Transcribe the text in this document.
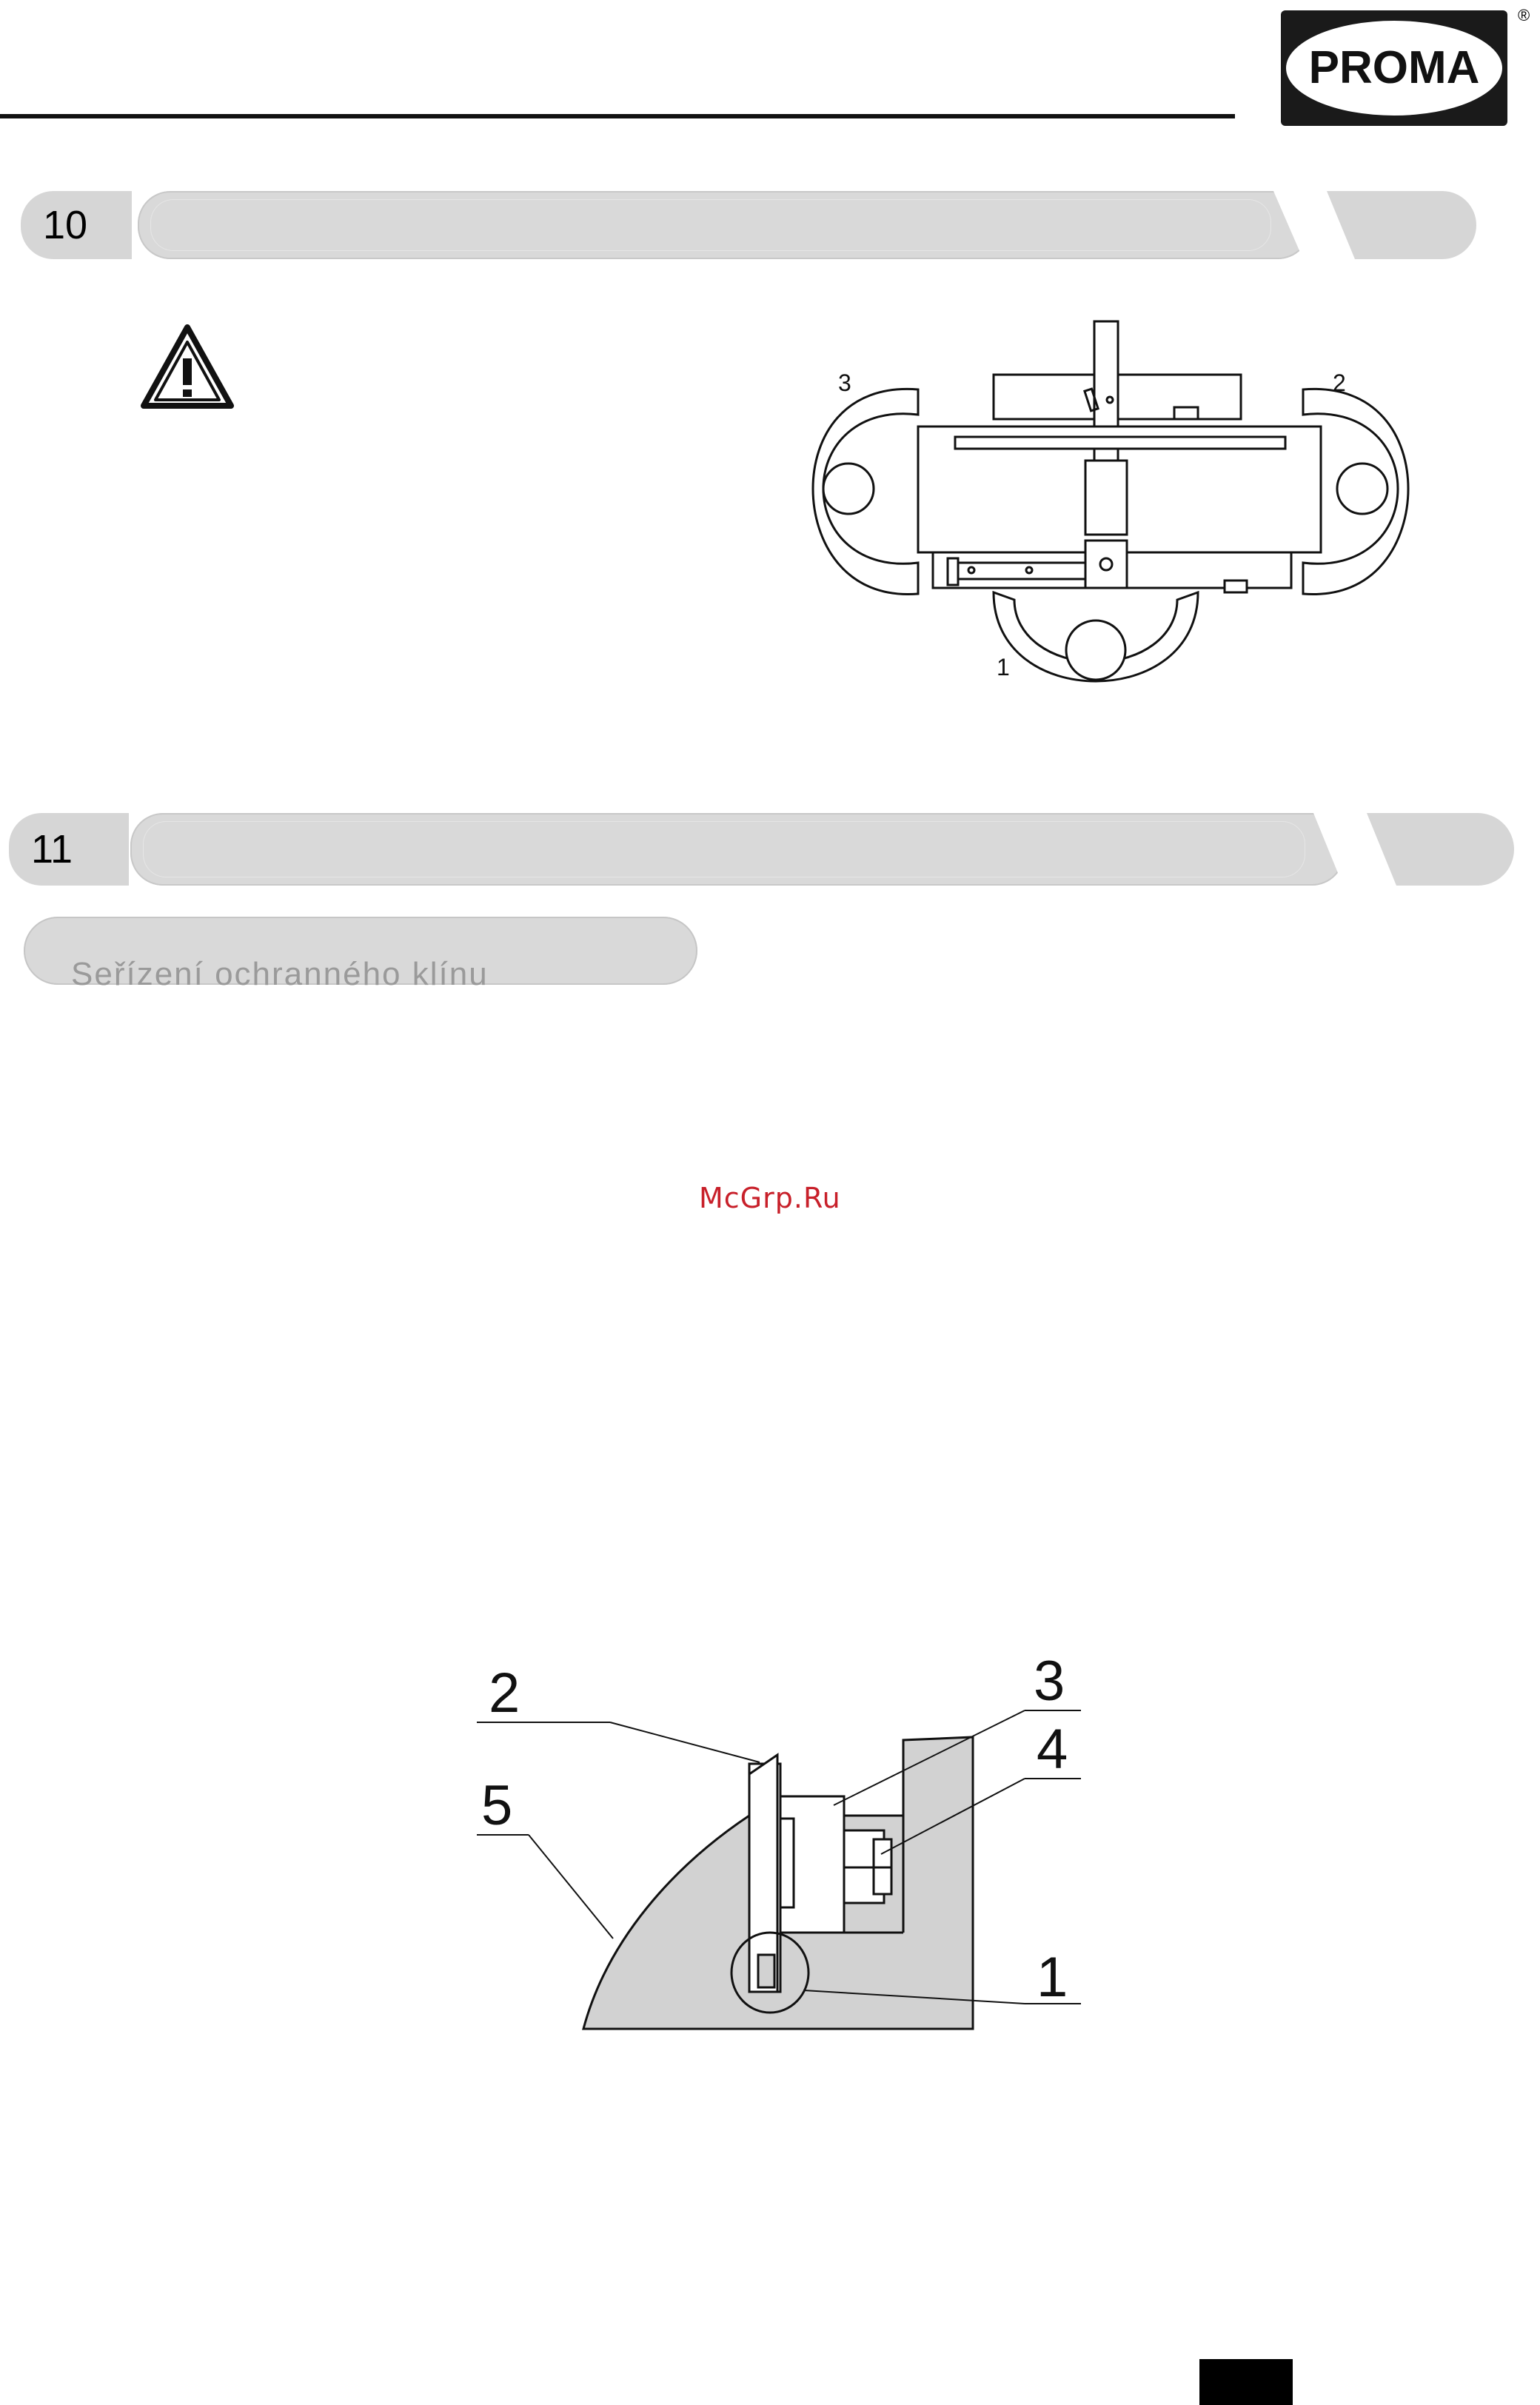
PROMA
®
10
3	2
1
11
Seřízení ochranného klínu
McGrp.Ru
2
5
3
4
1
